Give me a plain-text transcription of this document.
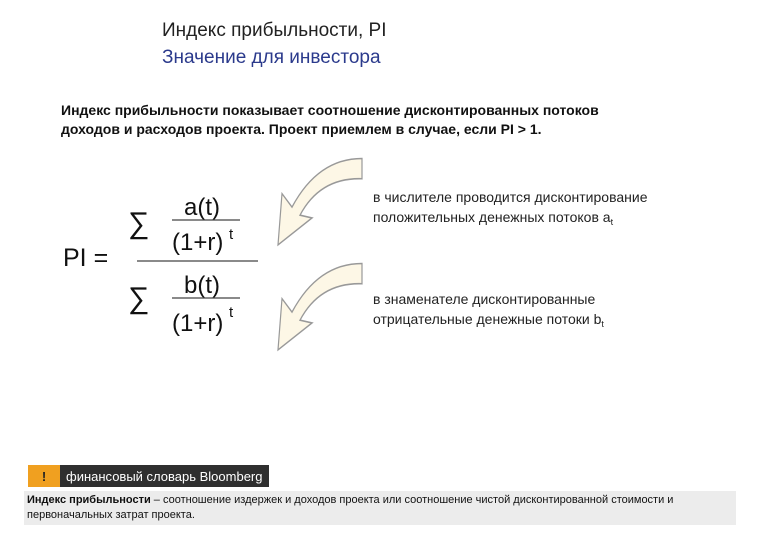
Индекс прибыльности, PI
Значение для инвестора
Индекс прибыльности показывает соотношение дисконтированных потоков доходов и расходов проекта. Проект приемлем в случае, если PI > 1.
PI =
∑ a(t)
(1+r) t
∑ b(t)
(1+r) t
в числителе проводится дисконтирование положительных денежных потоков $a_t$
в знаменателе дисконтированные отрицательные денежные потоки $b_t$
!	финансовый словарь Bloomberg
Индекс прибыльности – соотношение издержек и доходов проекта или соотношение чистой дисконтированной стоимости и первоначальных затрат проекта.
